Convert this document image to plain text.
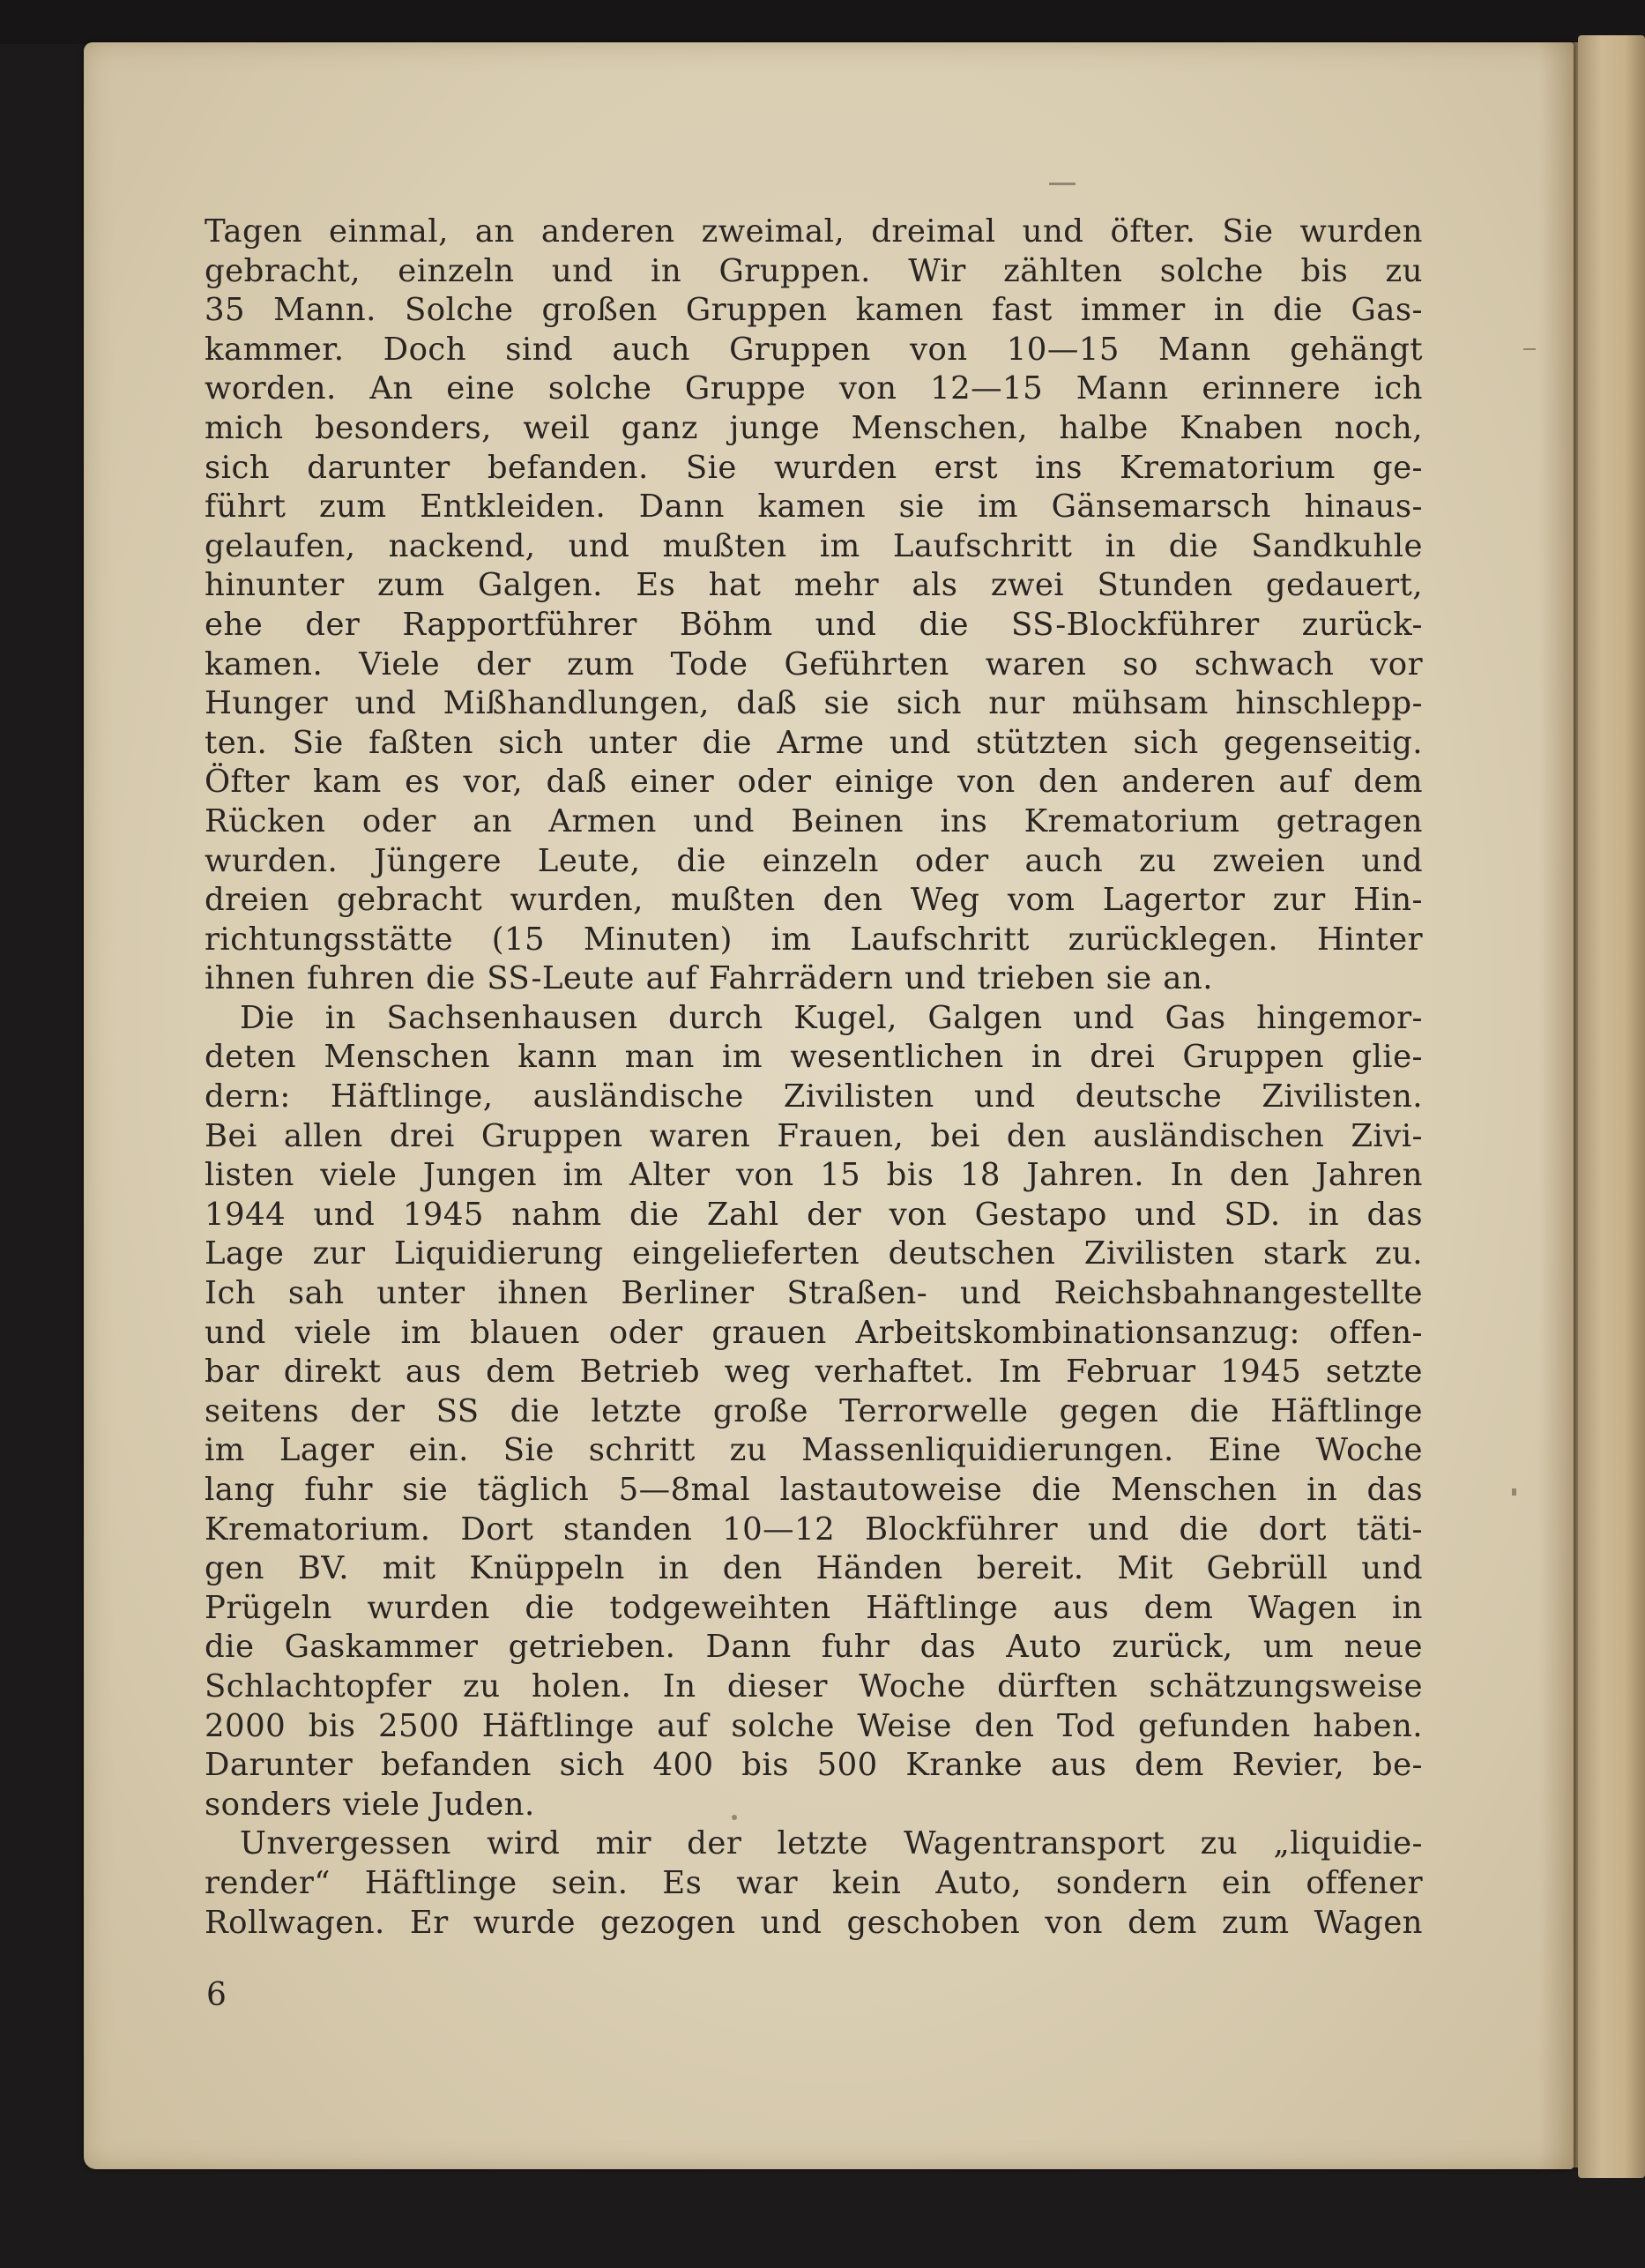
Tagen einmal, an anderen zweimal, dreimal und öfter. Sie wurden

gebracht, einzeln und in Gruppen. Wir zählten solche bis zu

35 Mann. Solche großen Gruppen kamen fast immer in die Gas-

kammer. Doch sind auch Gruppen von 10—15 Mann gehängt

worden. An eine solche Gruppe von 12—15 Mann erinnere ich

mich besonders, weil ganz junge Menschen, halbe Knaben noch,

sich darunter befanden. Sie wurden erst ins Krematorium ge-

führt zum Entkleiden. Dann kamen sie im Gänsemarsch hinaus-

gelaufen, nackend, und mußten im Laufschritt in die Sandkuhle

hinunter zum Galgen. Es hat mehr als zwei Stunden gedauert,

ehe der Rapportführer Böhm und die SS-Blockführer zurück-

kamen. Viele der zum Tode Geführten waren so schwach vor

Hunger und Mißhandlungen, daß sie sich nur mühsam hinschlepp-

ten. Sie faßten sich unter die Arme und stützten sich gegenseitig.

Öfter kam es vor, daß einer oder einige von den anderen auf dem

Rücken oder an Armen und Beinen ins Krematorium getragen

wurden. Jüngere Leute, die einzeln oder auch zu zweien und

dreien gebracht wurden, mußten den Weg vom Lagertor zur Hin-

richtungsstätte (15 Minuten) im Laufschritt zurücklegen. Hinter

ihnen fuhren die SS-Leute auf Fahrrädern und trieben sie an.

Die in Sachsenhausen durch Kugel, Galgen und Gas hingemor-

deten Menschen kann man im wesentlichen in drei Gruppen glie-

dern: Häftlinge, ausländische Zivilisten und deutsche Zivilisten.

Bei allen drei Gruppen waren Frauen, bei den ausländischen Zivi-

listen viele Jungen im Alter von 15 bis 18 Jahren. In den Jahren

1944 und 1945 nahm die Zahl der von Gestapo und SD. in das

Lage zur Liquidierung eingelieferten deutschen Zivilisten stark zu.

Ich sah unter ihnen Berliner Straßen- und Reichsbahnangestellte

und viele im blauen oder grauen Arbeitskombinationsanzug: offen-

bar direkt aus dem Betrieb weg verhaftet. Im Februar 1945 setzte

seitens der SS die letzte große Terrorwelle gegen die Häftlinge

im Lager ein. Sie schritt zu Massenliquidierungen. Eine Woche

lang fuhr sie täglich 5—8mal lastautoweise die Menschen in das

Krematorium. Dort standen 10—12 Blockführer und die dort täti-

gen BV. mit Knüppeln in den Händen bereit. Mit Gebrüll und

Prügeln wurden die todgeweihten Häftlinge aus dem Wagen in

die Gaskammer getrieben. Dann fuhr das Auto zurück, um neue

Schlachtopfer zu holen. In dieser Woche dürften schätzungsweise

2000 bis 2500 Häftlinge auf solche Weise den Tod gefunden haben.

Darunter befanden sich 400 bis 500 Kranke aus dem Revier, be-

sonders viele Juden.

Unvergessen wird mir der letzte Wagentransport zu „liquidie-

render“ Häftlinge sein. Es war kein Auto, sondern ein offener

Rollwagen. Er wurde gezogen und geschoben von dem zum Wagen

6
